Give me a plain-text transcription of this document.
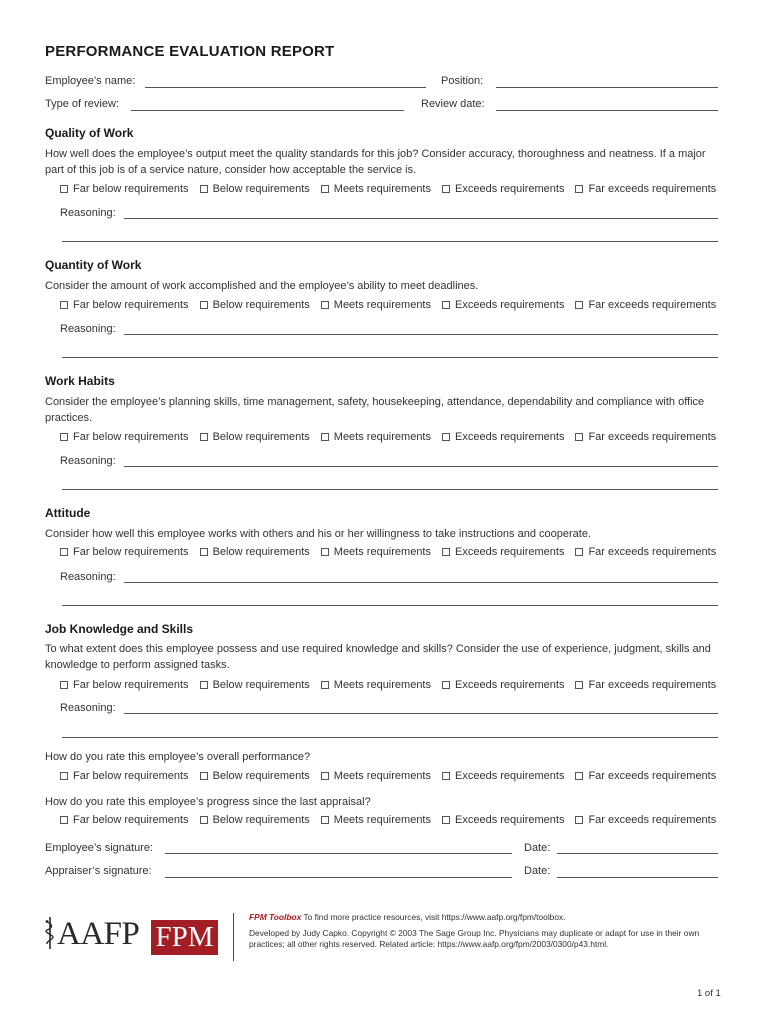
PERFORMANCE EVALUATION REPORT
Employee’s name:	Position:
Type of review:	Review date:
Quality of Work
How well does the employee’s output meet the quality standards for this job? Consider accuracy, thoroughness and neatness. If a major part of this job is of a service nature, consider how acceptable the service is.
Far below requirements Below requirements Meets requirements Exceeds requirements Far exceeds requirements
Reasoning:
Quantity of Work
Consider the amount of work accomplished and the employee’s ability to meet deadlines.
Far below requirements Below requirements Meets requirements Exceeds requirements Far exceeds requirements
Reasoning:
Work Habits
Consider the employee’s planning skills, time management, safety, housekeeping, attendance, dependability and compliance with office practices.
Far below requirements Below requirements Meets requirements Exceeds requirements Far exceeds requirements
Reasoning:
Attitude
Consider how well this employee works with others and his or her willingness to take instructions and cooperate.
Far below requirements Below requirements Meets requirements Exceeds requirements Far exceeds requirements
Reasoning:
Job Knowledge and Skills
To what extent does this employee possess and use required knowledge and skills? Consider the use of experience, judgment, skills and knowledge to perform assigned tasks.
Far below requirements Below requirements Meets requirements Exceeds requirements Far exceeds requirements
Reasoning:
How do you rate this employee’s overall performance?
Far below requirements Below requirements Meets requirements Exceeds requirements Far exceeds requirements
How do you rate this employee’s progress since the last appraisal?
Far below requirements Below requirements Meets requirements Exceeds requirements Far exceeds requirements
Employee’s signature:	Date:
Appraiser’s signature:	Date:
AAFP FPM
FPM Toolbox To find more practice resources, visit https://www.aafp.org/fpm/toolbox.
Developed by Judy Capko. Copyright © 2003 The Sage Group Inc. Physicians may duplicate or adapt for use in their own practices; all other rights reserved. Related article: https://www.aafp.org/fpm/2003/0300/p43.html.
1 of 1
